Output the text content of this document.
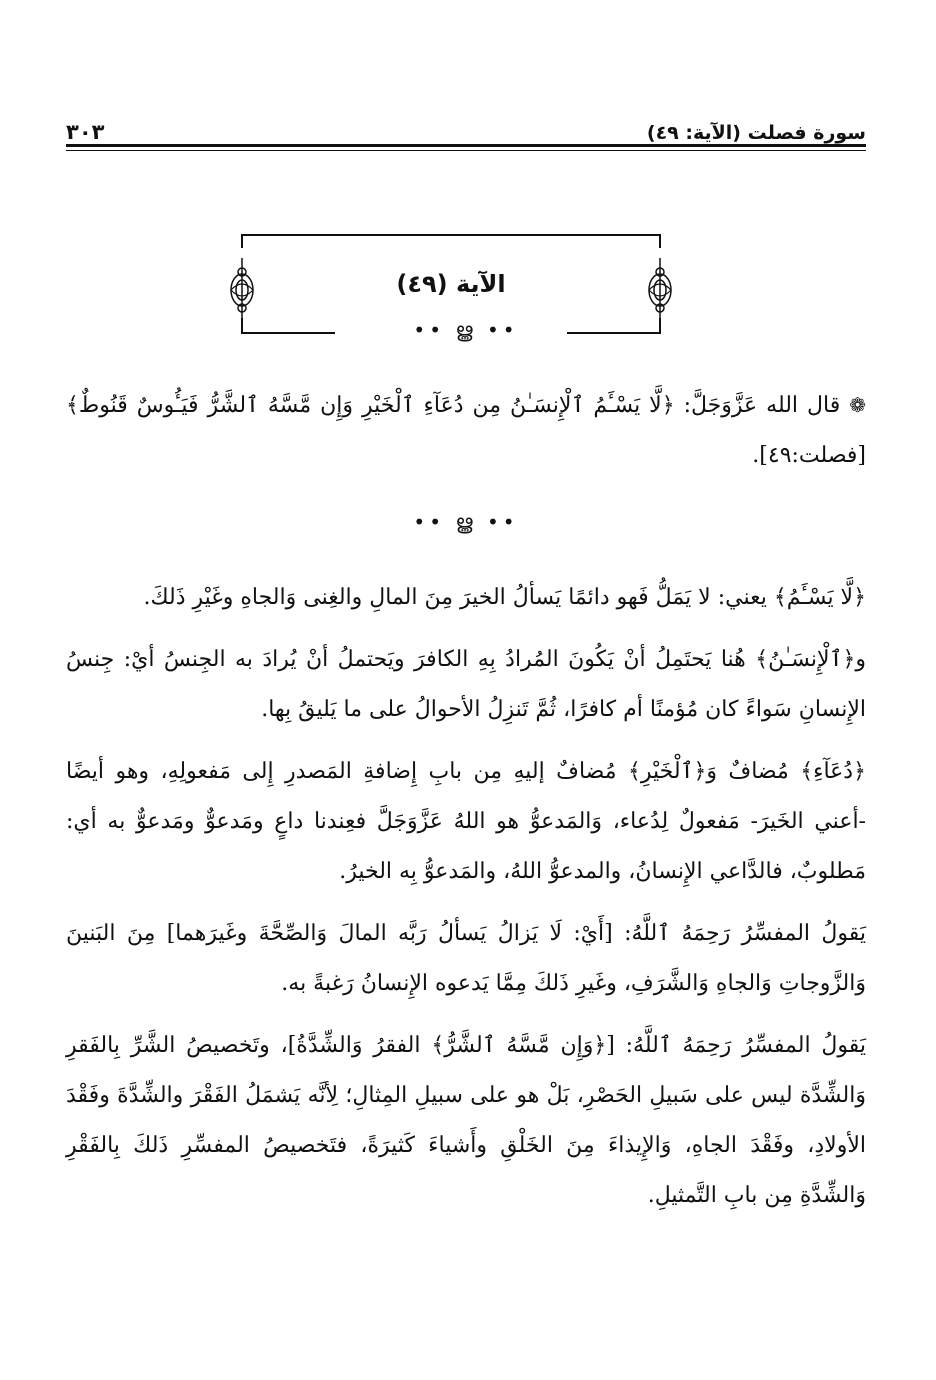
سورة فصلت (الآية: ٤٩)
٣٠٣
الآية (٤٩)
•• ൠ ••

❁ قال الله عَزَّوَجَلَّ: ﴿لَّا يَسْـَٔمُ ٱلْإِنسَـٰنُ مِن دُعَآءِ ٱلْخَيْرِ وَإِن مَّسَّهُ ٱلشَّرُّ فَيَـُٔوسٌ قَنُوطٌ﴾ [فصلت:٤٩].

﴿لَّا يَسْـَٔمُ﴾ يعني: لا يَمَلُّ فَهو دائمًا يَسألُ الخيرَ مِنَ المالِ والغِنى وَالجاهِ وغَيْرِ ذَلكَ.

و﴿ٱلْإِنسَـٰنُ﴾ هُنا يَحتَمِلُ أنْ يَكُونَ المُرادُ بِهِ الكافرَ ويَحتملُ أنْ يُرادَ به الجِنسُ أيْ: جِنسُ الإِنسانِ سَواءً كان مُؤمنًا أم كافرًا، ثُمَّ تَنزِلُ الأحوالُ على ما يَليقُ بِها.

﴿دُعَآءِ﴾ مُضافٌ وَ﴿ٱلْخَيْرِ﴾ مُضافٌ إليهِ مِن بابِ إِضافةِ المَصدرِ إِلى مَفعولِهِ، وهو أيضًا -أعني الخَيرَ- مَفعولٌ لِدُعاء، وَالمَدعوُّ هو اللهُ عَزَّوَجَلَّ فعِندنا داعٍ ومَدعوٌّ ومَدعوٌّ به أي: مَطلوبٌ، فالدَّاعي الإِنسانُ، والمدعوُّ اللهُ، والمَدعوُّ بِه الخيرُ.

يَقولُ المفسِّرُ رَحِمَهُ ٱللَّهُ: [أَيْ: لَا يَزالُ يَسألُ رَبَّه المالَ وَالصِّحَّةَ وغَيرَهما] مِنَ البَنينَ وَالزَّوجاتِ وَالجاهِ وَالشَّرَفِ، وغَيرِ ذَلكَ مِمَّا يَدعوه الإِنسانُ رَغبةً به.

يَقولُ المفسِّرُ رَحِمَهُ ٱللَّهُ: [﴿وَإِن مَّسَّهُ ٱلشَّرُّ﴾ الفقرُ وَالشِّدَّةُ]، وتَخصيصُ الشَّرِّ بِالفَقرِ وَالشِّدَّة ليس على سَبيلِ الحَصْرِ، بَلْ هو على سبيلِ المِثالِ؛ لِأنَّه يَشمَلُ الفَقْرَ والشِّدَّةَ وفَقْدَ الأولادِ، وفَقْدَ الجاهِ، وَالإِيذاءَ مِنَ الخَلْقِ وأَشياءَ كَثيرَةً، فتَخصيصُ المفسِّرِ ذَلكَ بِالفَقْرِ وَالشِّدَّةِ مِن بابِ التَّمثيلِ.

•• ൠ ••
